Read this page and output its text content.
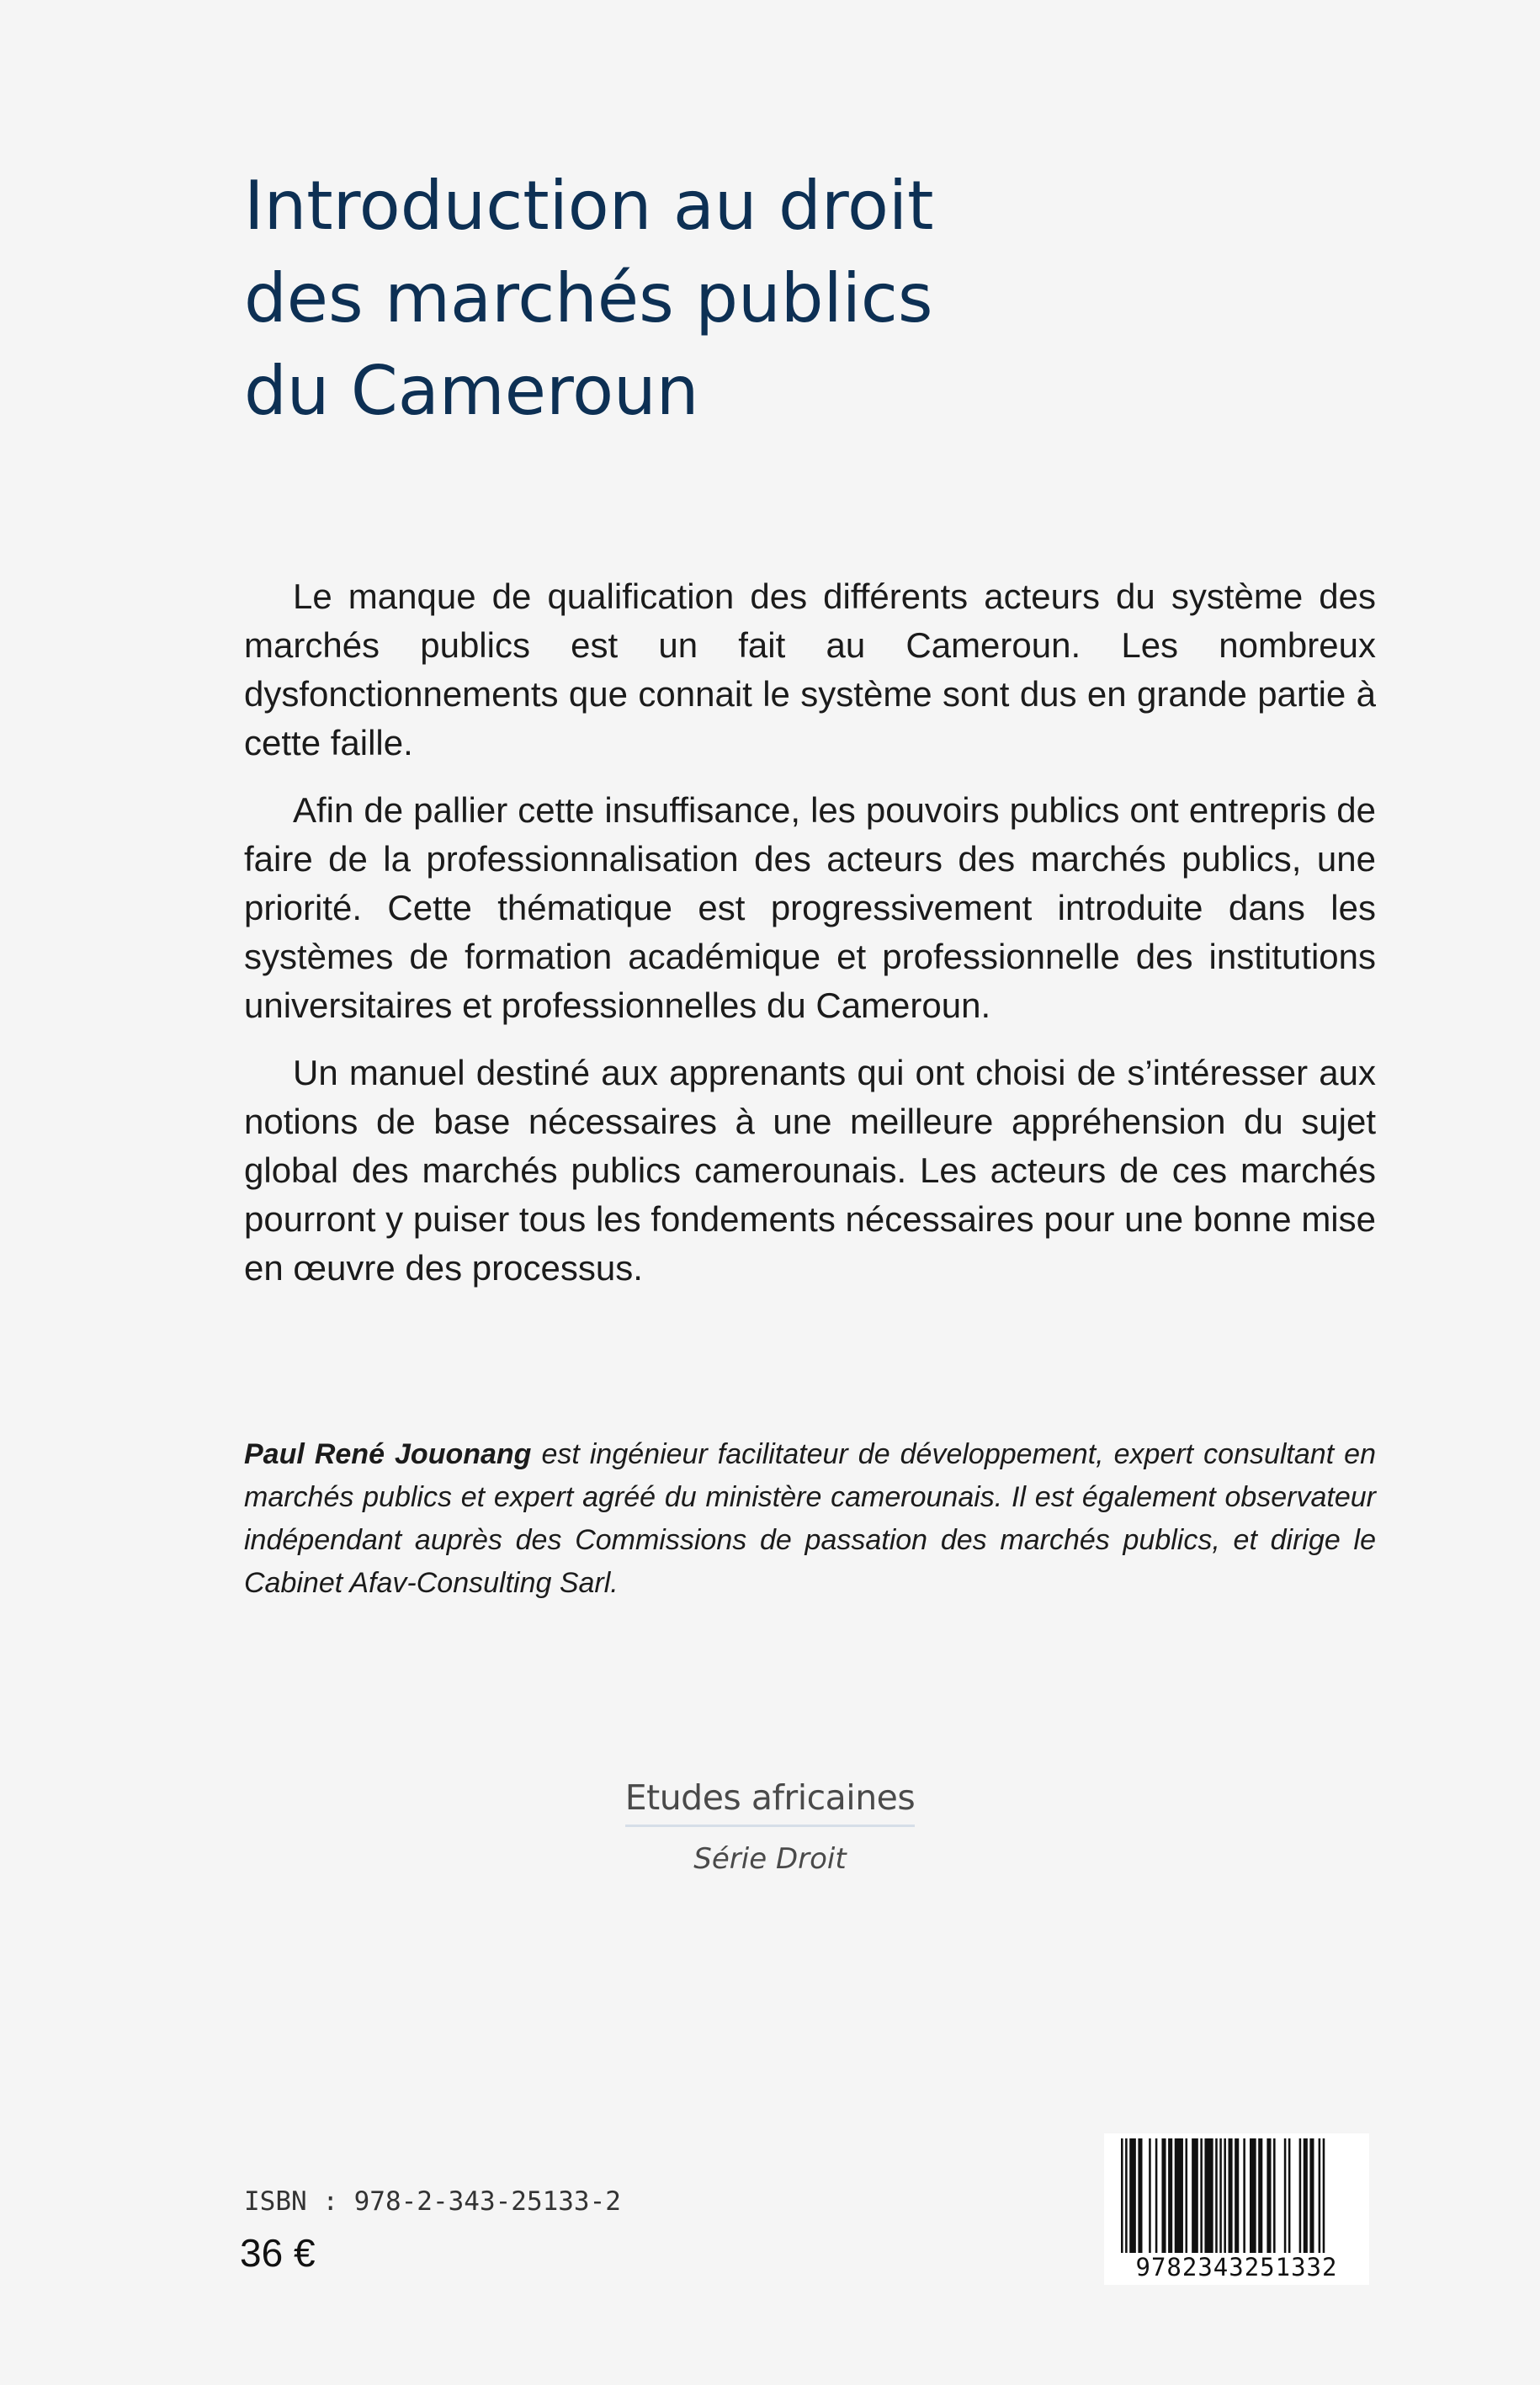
Introduction au droit
des marchés publics
du Cameroun

Le manque de qualification des différents acteurs du système des marchés publics est un fait au Cameroun. Les nombreux dysfonctionnements que connait le système sont dus en grande partie à cette faille.

Afin de pallier cette insuffisance, les pouvoirs publics ont entrepris de faire de la professionnalisation des acteurs des marchés publics, une priorité. Cette thématique est progressivement introduite dans les systèmes de formation académique et professionnelle des institutions universitaires et professionnelles du Cameroun.

Un manuel destiné aux apprenants qui ont choisi de s’intéresser aux notions de base nécessaires à une meilleure appréhension du sujet global des marchés publics camerounais. Les acteurs de ces marchés pourront y puiser tous les fondements nécessaires pour une bonne mise en œuvre des processus.

Paul René Jouonang est ingénieur facilitateur de développement, expert consultant en marchés publics et expert agréé du ministère camerounais. Il est également observateur indépendant auprès des Commissions de passation des marchés publics, et dirige le Cabinet Afav-Consulting Sarl.

Etudes africaines
Série Droit
ISBN : 978-2-343-25133-2
36 €	9782343251332
